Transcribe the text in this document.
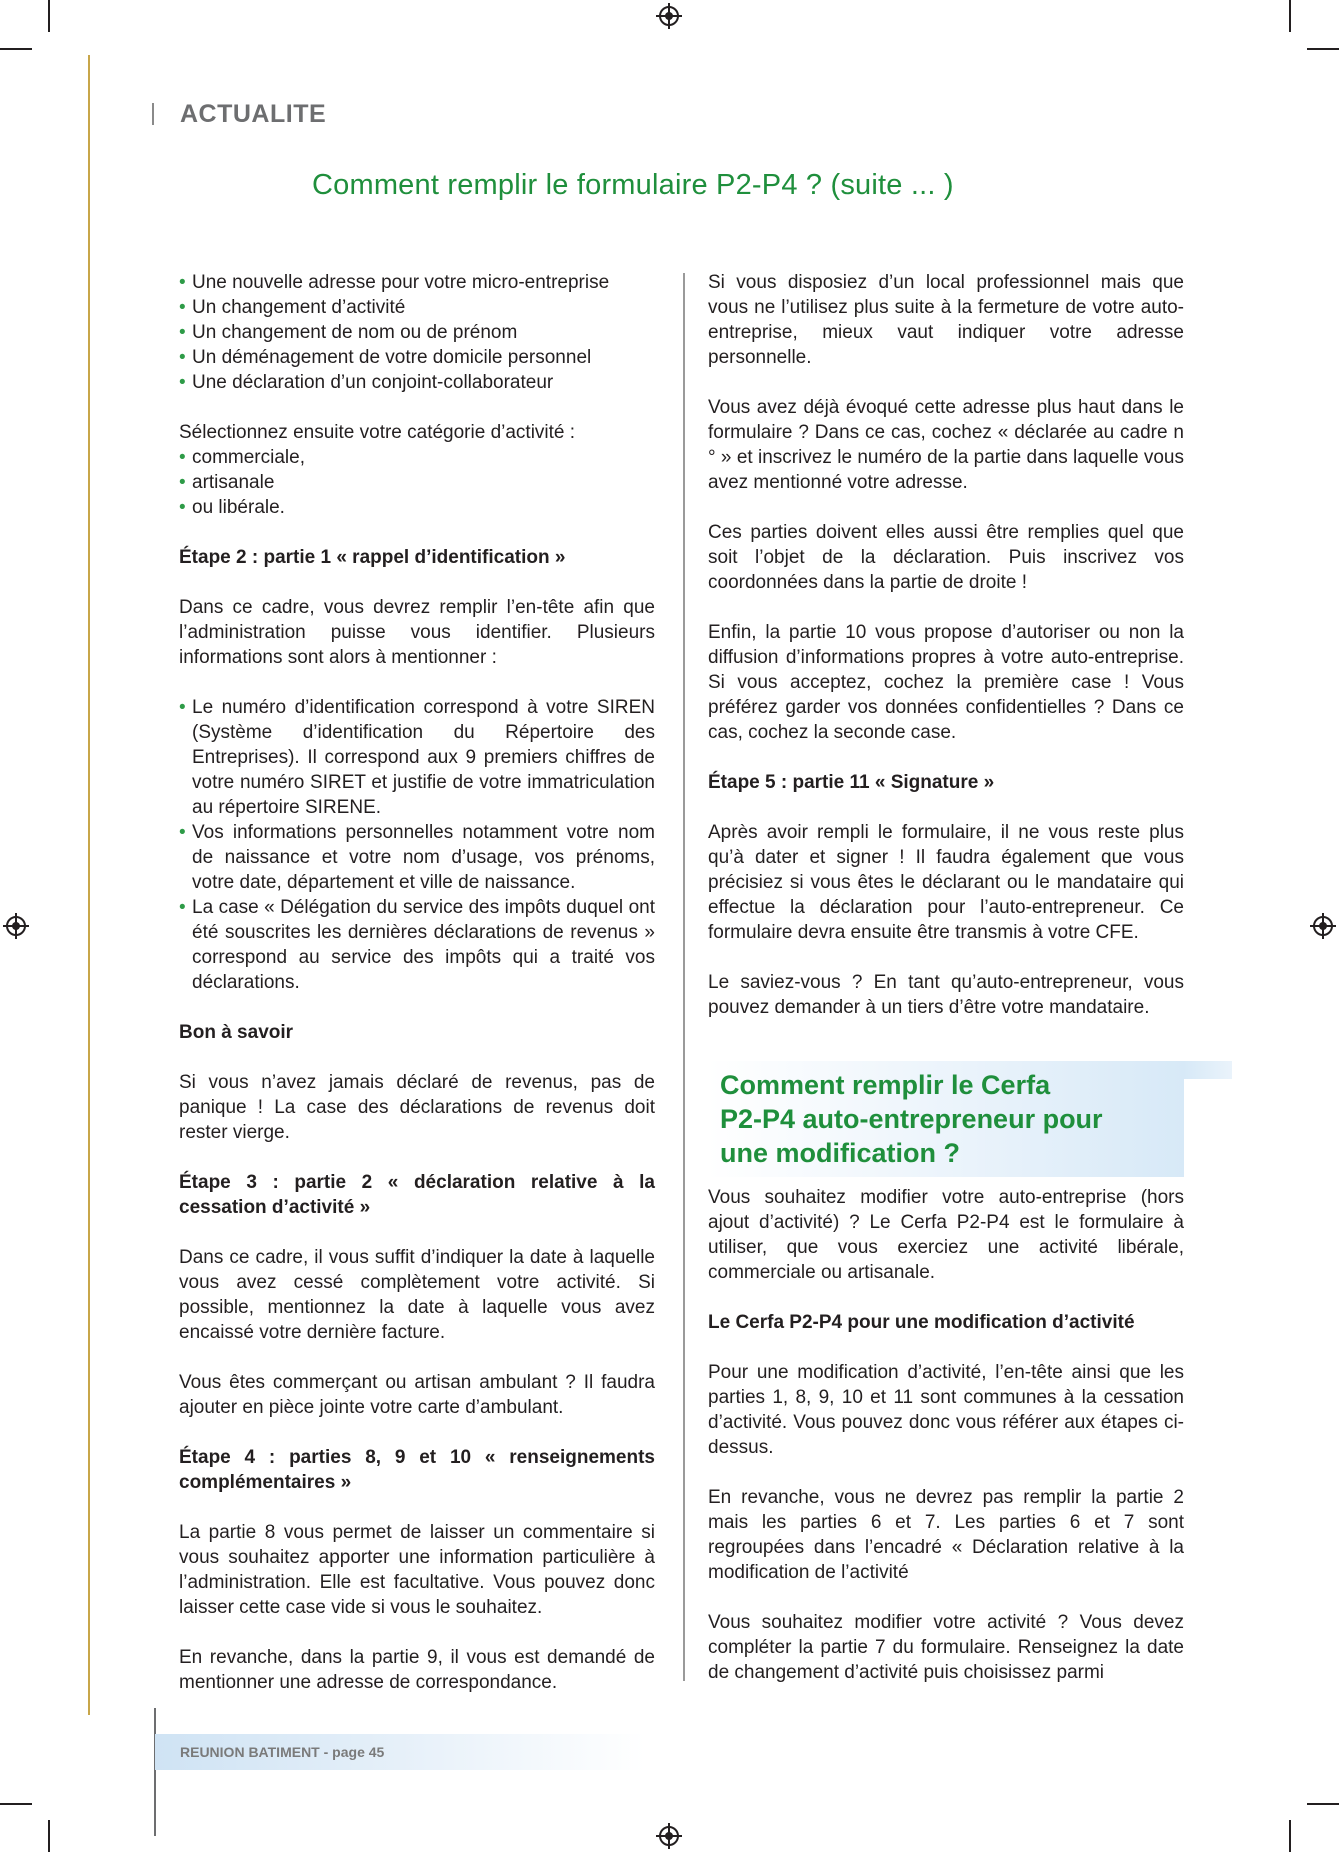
ACTUALITE
Comment remplir le formulaire P2-P4 ? (suite ... )

• Une nouvelle adresse pour votre micro-entreprise

• Un changement d’activité

• Un changement de nom ou de prénom

• Un déménagement de votre domicile personnel

• Une déclaration d’un conjoint-collaborateur

Sélectionnez ensuite votre catégorie d’activité :

• commerciale,

• artisanale

• ou libérale.

Étape 2 : partie 1 « rappel d’identification »

Dans ce cadre, vous devrez remplir l’en-tête afin que l’administration puisse vous identifier. Plusieurs informations sont alors à mentionner :

• Le numéro d’identification correspond à votre SIREN (Système d’identification du Répertoire des Entreprises). Il correspond aux 9 premiers chiffres de votre numéro SIRET et justifie de votre immatriculation au répertoire SIRENE.

• Vos informations personnelles notamment votre nom de naissance et votre nom d’usage, vos prénoms, votre date, département et ville de naissance.

• La case « Délégation du service des impôts duquel ont été souscrites les dernières déclarations de revenus » correspond au service des impôts qui a traité vos déclarations.

Bon à savoir

Si vous n’avez jamais déclaré de revenus, pas de panique ! La case des déclarations de revenus doit rester vierge.

Étape 3 : partie 2 « déclaration relative à la cessation d’activité »

Dans ce cadre, il vous suffit d’indiquer la date à laquelle vous avez cessé complètement votre activité. Si possible, mentionnez la date à laquelle vous avez encaissé votre dernière facture.

Vous êtes commerçant ou artisan ambulant ? Il faudra ajouter en pièce jointe votre carte d’ambulant.

Étape 4 : parties 8, 9 et 10 « renseignements complémentaires »

La partie 8 vous permet de laisser un commentaire si vous souhaitez apporter une information particulière à l’administration. Elle est facultative. Vous pouvez donc laisser cette case vide si vous le souhaitez.

En revanche, dans la partie 9, il vous est demandé de mentionner une adresse de correspondance.

Si vous disposiez d’un local professionnel mais que vous ne l’utilisez plus suite à la fermeture de votre auto-entreprise, mieux vaut indiquer votre adresse personnelle.

Vous avez déjà évoqué cette adresse plus haut dans le formulaire ? Dans ce cas, cochez « déclarée au cadre n ° » et inscrivez le numéro de la partie dans laquelle vous avez mentionné votre adresse.

Ces parties doivent elles aussi être remplies quel que soit l’objet de la déclaration. Puis inscrivez vos coordonnées dans la partie de droite !

Enfin, la partie 10 vous propose d’autoriser ou non la diffusion d’informations propres à votre auto-entreprise. Si vous acceptez, cochez la première case ! Vous préférez garder vos données confidentielles ? Dans ce cas, cochez la seconde case.

Étape 5 : partie 11 « Signature »

Après avoir rempli le formulaire, il ne vous reste plus qu’à dater et signer ! Il faudra également que vous précisiez si vous êtes le déclarant ou le mandataire qui effectue la déclaration pour l’auto-entrepreneur. Ce formulaire devra ensuite être transmis à votre CFE.

Le saviez-vous ? En tant qu’auto-entrepreneur, vous pouvez demander à un tiers d’être votre mandataire.

Vous souhaitez modifier votre auto-entreprise (hors ajout d’activité) ? Le Cerfa P2-P4 est le formulaire à utiliser, que vous exerciez une activité libérale, commerciale ou artisanale.

Le Cerfa P2-P4 pour une modification d’activité

Pour une modification d’activité, l’en-tête ainsi que les parties 1, 8, 9, 10 et 11 sont communes à la cessation d’activité. Vous pouvez donc vous référer aux étapes ci-dessus.

En revanche, vous ne devrez pas remplir la partie 2 mais les parties 6 et 7. Les parties 6 et 7 sont regroupées dans l’encadré « Déclaration relative à la modification de l’activité

Vous souhaitez modifier votre activité ? Vous devez compléter la partie 7 du formulaire. Renseignez la date de changement d’activité puis choisissez parmi

Comment remplir le Cerfa
P2-P4 auto-entrepreneur pour
une modification ?
REUNION BATIMENT - page 45
